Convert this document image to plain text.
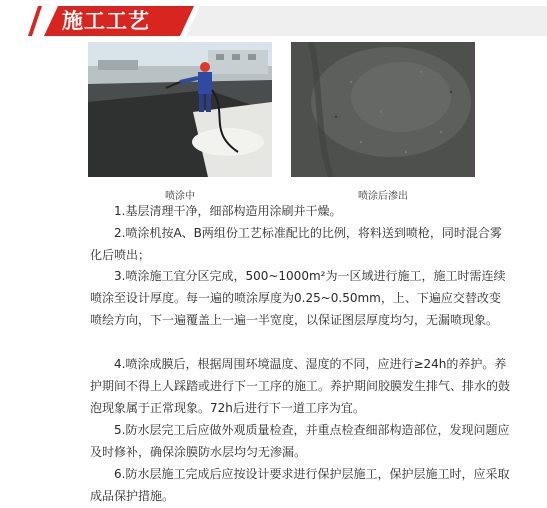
施工工艺
喷涂中	喷涂后渗出

1.基层清理干净，细部构造用涂刷并干燥。

2.喷涂机按A、B两组份工艺标准配比的比例，将料送到喷枪，同时混合雾化后喷出；

3.喷涂施工宜分区完成，500~1000m²为一区域进行施工，施工时需连续喷涂至设计厚度。每一遍的喷涂厚度为0.25~0.50mm，上、下遍应交替改变喷绘方向，下一遍覆盖上一遍一半宽度，以保证图层厚度均匀，无漏喷现象。

4.喷涂成膜后，根据周围环境温度、湿度的不同，应进行≥24h的养护。养护期间不得上人踩踏或进行下一工序的施工。养护期间胶膜发生排气、排水的鼓泡现象属于正常现象。72h后进行下一道工序为宜。

5.防水层完工后应做外观质量检查，并重点检查细部构造部位，发现问题应及时修补，确保涂膜防水层均匀无渗漏。

6.防水层施工完成后应按设计要求进行保护层施工，保护层施工时，应采取成品保护措施。
